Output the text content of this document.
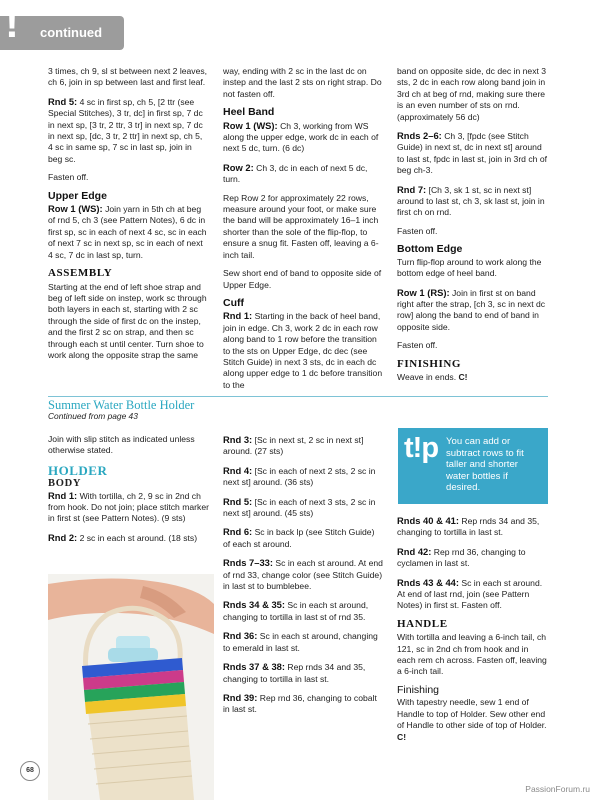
! continued

3 times, ch 9, sl st between next 2 leaves, ch 6, join in sp between last and first leaf.

Rnd 5: 4 sc in first sp, ch 5, [2 ttr (see Special Stitches), 3 tr, dc] in first sp, 7 dc in next sp, [3 tr, 2 ttr, 3 tr] in next sp, 7 dc in next sp, [dc, 3 tr, 2 ttr] in next sp, ch 5, 4 sc in same sp, 7 sc in last sp, join in beg sc.

Fasten off.

Upper Edge

Row 1 (WS): Join yarn in 5th ch at beg of rnd 5, ch 3 (see Pattern Notes), 6 dc in first sp, sc in each of next 4 sc, sc in each of next 7 sc in next sp, sc in each of next 4 sc, 7 dc in last sp, turn.

ASSEMBLY

Starting at the end of left shoe strap and beg of left side on instep, work sc through both layers in each st, starting with 2 sc through the side of first dc on the instep, and the first 2 sc on strap, and then sc through each st until center. Turn shoe to work along the opposite strap the same

way, ending with 2 sc in the last dc on instep and the last 2 sts on right strap. Do not fasten off.

Heel Band

Row 1 (WS): Ch 3, working from WS along the upper edge, work dc in each of next 5 dc, turn. (6 dc)

Row 2: Ch 3, dc in each of next 5 dc, turn.

Rep Row 2 for approximately 22 rows, measure around your foot, or make sure the band will be approximately 16–1 inch shorter than the sole of the flip-flop, to ensure a snug fit. Fasten off, leaving a 6-inch tail.

Sew short end of band to opposite side of Upper Edge.

Cuff

Rnd 1: Starting in the back of heel band, join in edge. Ch 3, work 2 dc in each row along band to 1 row before the transition to the sts on Upper Edge, dc dec (see Stitch Guide) in next 3 sts, dc in each dc along upper edge to 1 dc before transition to the

band on opposite side, dc dec in next 3 sts, 2 dc in each row along band join in 3rd ch at beg of rnd, making sure there is an even number of sts on rnd. (approximately 56 dc)

Rnds 2–6: Ch 3, [fpdc (see Stitch Guide) in next st, dc in next st] around to last st, fpdc in last st, join in 3rd ch of beg ch-3.

Rnd 7: [Ch 3, sk 1 st, sc in next st] around to last st, ch 3, sk last st, join in first ch on rnd.

Fasten off.

Bottom Edge

Turn flip-flop around to work along the bottom edge of heel band.

Row 1 (RS): Join in first st on band right after the strap, [ch 3, sc in next dc row] along the band to end of band in opposite side.

Fasten off.

FINISHING

Weave in ends. C!

Summer Water Bottle Holder
Continued from page 43

Join with slip stitch as indicated unless otherwise stated.

HOLDER
BODY

Rnd 1: With tortilla, ch 2, 9 sc in 2nd ch from hook. Do not join; place stitch marker in first st (see Pattern Notes). (9 sts)

Rnd 2: 2 sc in each st around. (18 sts)

Rnd 3: [Sc in next st, 2 sc in next st] around. (27 sts)

Rnd 4: [Sc in each of next 2 sts, 2 sc in next st] around. (36 sts)

Rnd 5: [Sc in each of next 3 sts, 2 sc in next st] around. (45 sts)

Rnd 6: Sc in back lp (see Stitch Guide) of each st around.

Rnds 7–33: Sc in each st around. At end of rnd 33, change color (see Stitch Guide) in last st to bumblebee.

Rnds 34 & 35: Sc in each st around, changing to tortilla in last st of rnd 35.

Rnd 36: Sc in each st around, changing to emerald in last st.

Rnds 37 & 38: Rep rnds 34 and 35, changing to tortilla in last st.

Rnd 39: Rep rnd 36, changing to cobalt in last st.

t!p You can add or subtract rows to fit taller and shorter water bottles if desired.

Rnds 40 & 41: Rep rnds 34 and 35, changing to tortilla in last st.

Rnd 42: Rep rnd 36, changing to cyclamen in last st.

Rnds 43 & 44: Sc in each st around. At end of last rnd, join (see Pattern Notes) in first st. Fasten off.

HANDLE

With tortilla and leaving a 6-inch tail, ch 121, sc in 2nd ch from hook and in each rem ch across. Fasten off, leaving a 6-inch tail.

Finishing

With tapestry needle, sew 1 end of Handle to top of Holder. Sew other end of Handle to other side of top of Holder. C!

68
PassionForum.ru
